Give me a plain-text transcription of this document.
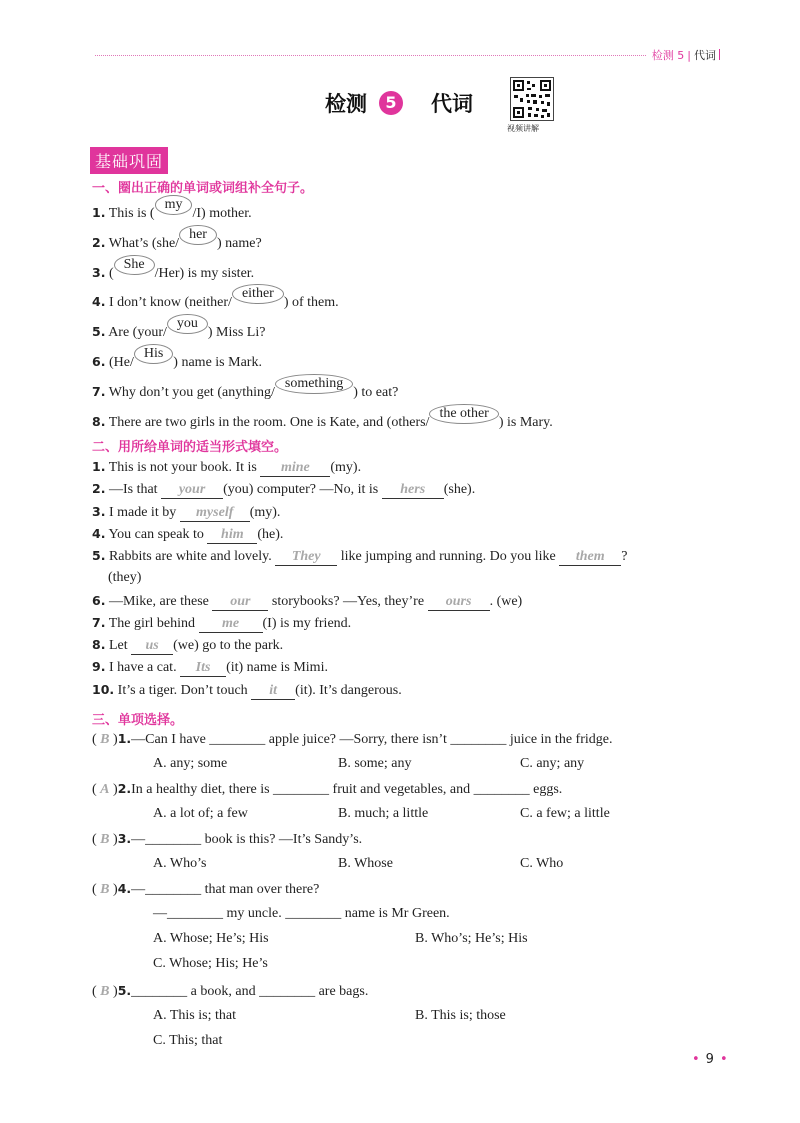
检测 5 | 代词
检测	5	代词
视频讲解
基础巩固
一、圈出正确的单词或词组补全句子。
1. This is (my/I) mother.
2. What’s (she/her) name?
3. (She/Her) is my sister.
4. I don’t know (neither/either) of them.
5. Are (your/you) Miss Li?
6. (He/His) name is Mark.
7. Why don’t you get (anything/something) to eat?
8. There are two girls in the room. One is Kate, and (others/the other) is Mary.
二、用所给单词的适当形式填空。
1. This is not your book. It is mine (my).
2. —Is that your (you) computer? —No, it is hers (she).
3. I made it by myself (my).
4. You can speak to him (he).
5. Rabbits are white and lovely. They like jumping and running. Do you like them ?
(they)
6. —Mike, are these our storybooks? —Yes, they’re ours . (we)
7. The girl behind me (I) is my friend.
8. Let us (we) go to the park.
9. I have a cat. Its (it) name is Mimi.
10. It’s a tiger. Don’t touch it (it). It’s dangerous.
三、单项选择。
( B )1.—Can I have ________ apple juice? —Sorry, there isn’t ________ juice in the fridge.
A. any; some	B. some; any	C. any; any
( A )2.In a healthy diet, there is ________ fruit and vegetables, and ________ eggs.
A. a lot of; a few	B. much; a little	C. a few; a little
( B )3.—________ book is this? —It’s Sandy’s.
A. Who’s	B. Whose	C. Who
( B )4.—________ that man over there?
—________ my uncle. ________ name is Mr Green.
A. Whose; He’s; His	B. Who’s; He’s; His
C. Whose; His; He’s
( B )5.________ a book, and ________ are bags.
A. This is; that	B. This is; those
C. This; that
• 9 •
